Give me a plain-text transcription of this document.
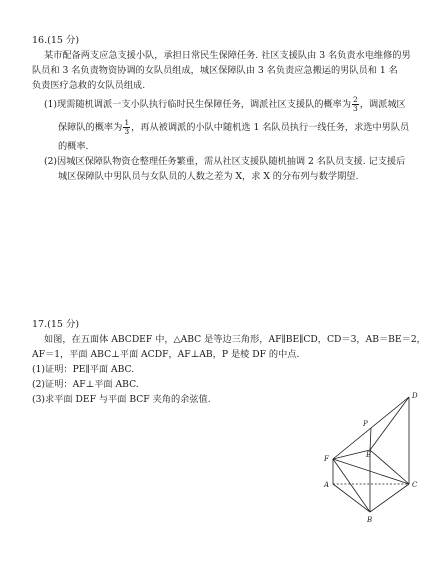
16.(15 分)
某市配备两支应急支援小队，承担日常民生保障任务. 社区支援队由 3 名负责水电维修的男
队员和 3 名负责物资协调的女队员组成，城区保障队由 3 名负责应急搬运的男队员和 1 名
负责医疗急救的女队员组成.
(1)现需随机调派一支小队执行临时民生保障任务，调派社区支援队的概率为 $\frac{2}{3}$ ，调派城区
保障队的概率为 $\frac{1}{3}$ ，再从被调派的小队中随机选 1 名队员执行一线任务，求选中男队员
的概率.
(2)因城区保障队物资仓整理任务繁重，需从社区支援队随机抽调 2 名队员支援. 记支援后
城区保障队中男队员与女队员的人数之差为 X，求 X 的分布列与数学期望.
17.(15 分)
如图，在五面体 ABCDEF 中，△ABC 是等边三角形，AF∥BE∥CD，CD＝3，AB＝BE＝2，
AF＝1，平面 ABC⊥平面 ACDF，AF⊥AB，P 是棱 DF 的中点.
(1)证明：PE∥平面 ABC.
(2)证明：AF⊥平面 ABC.
(3)求平面 DEF 与平面 BCF 夹角的余弦值.	D
P
E
F
A	C
B
